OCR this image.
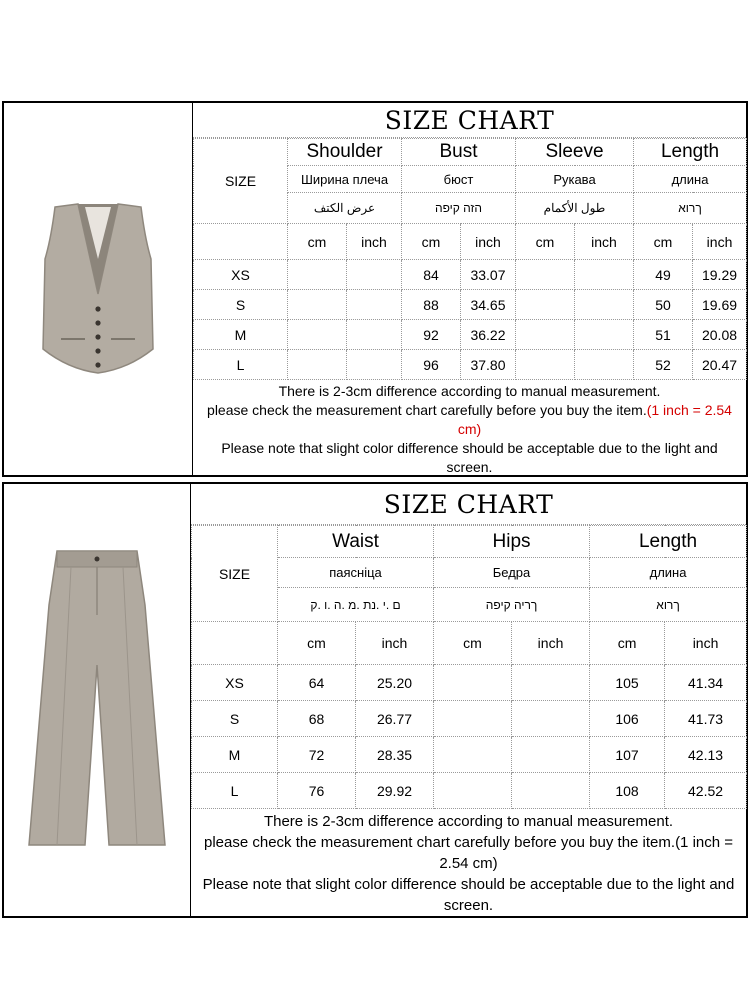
SIZE CHART
SIZE	Shoulder		Bust		Sleeve		Length	
	Ширина плеча		бюст		Рукава		длина	
	عرض الكتف		הזה קיפה		طول الأكمام		ךרוא	
	cm	inch	cm	inch	cm	inch	cm	inch
XS			84	33.07			49	19.29
S			88	34.65			50	19.69
M			92	36.22			51	20.08
L			96	37.80			52	20.47
There is 2-3cm difference according to manual measurement.
please check the measurement chart carefully before you buy the item.(1 inch = 2.54 cm)
Please note that slight color difference should be acceptable due to the light and screen.
SIZE CHART
SIZE	Waist		Hips		Length	
	паясніца		Бедра		длина	
	ם .י .נת .מ .ה .ו .ק		ךריה קיפה		ךרוא	
	cm	inch	cm	inch	cm	inch
XS	64	25.20			105	41.34
S	68	26.77			106	41.73
M	72	28.35			107	42.13
L	76	29.92			108	42.52
There is 2-3cm difference according to manual measurement.
please check the measurement chart carefully before you buy the item.(1 inch = 2.54 cm)
Please note that slight color difference should be acceptable due to the light and screen.
